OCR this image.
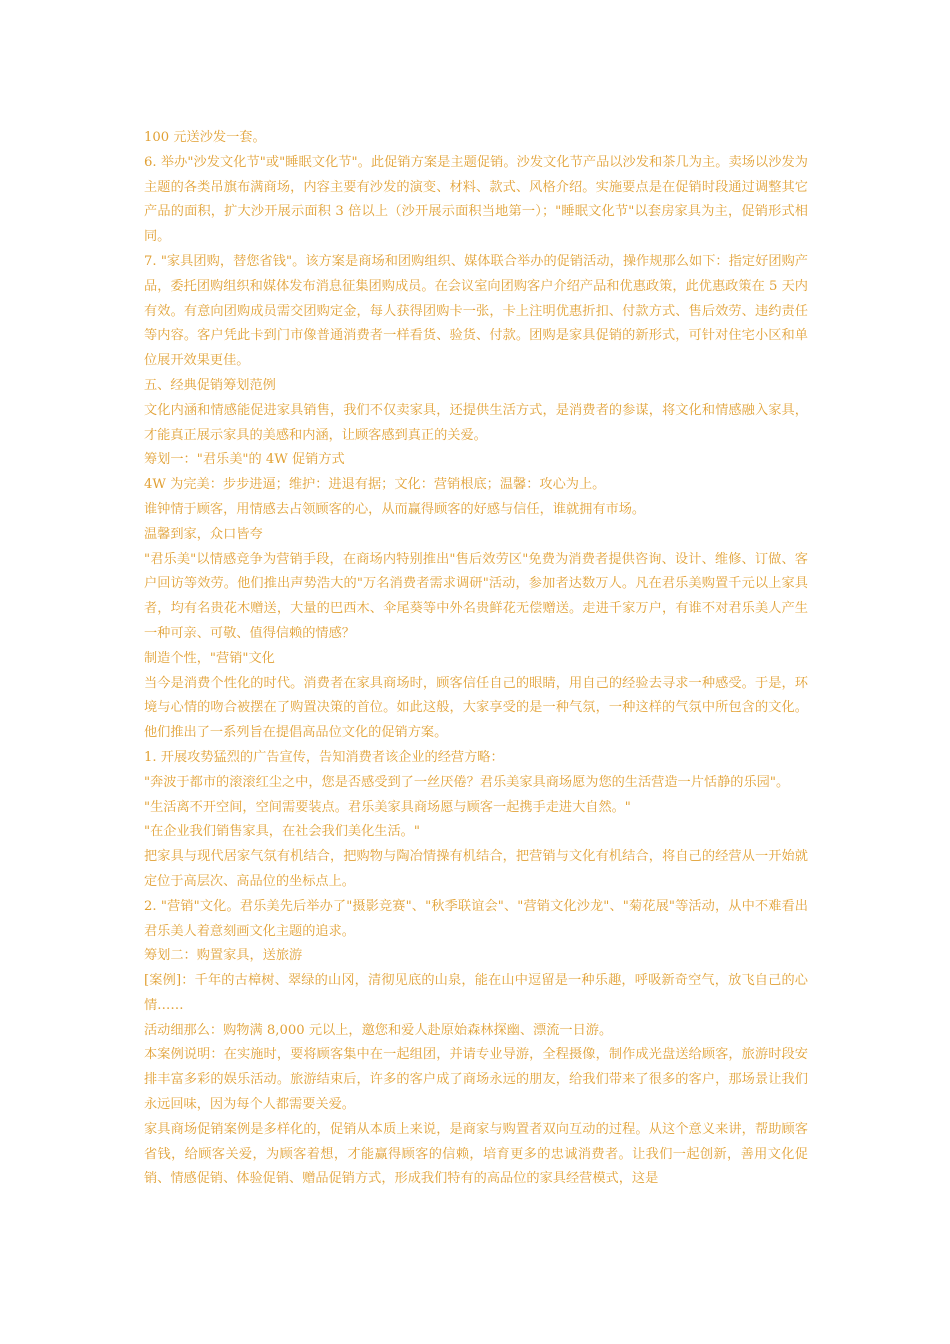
100 元送沙发一套。

6. 举办"沙发文化节"或"睡眠文化节"。此促销方案是主题促销。沙发文化节产品以沙发和茶几为主。卖场以沙发为主题的各类吊旗布满商场，内容主要有沙发的演变、材料、款式、风格介绍。实施要点是在促销时段通过调整其它产品的面积，扩大沙开展示面积 3 倍以上（沙开展示面积当地第一）；"睡眠文化节"以套房家具为主，促销形式相同。

7. "家具团购，替您省钱"。该方案是商场和团购组织、媒体联合举办的促销活动，操作规那么如下：指定好团购产品，委托团购组织和媒体发布消息征集团购成员。在会议室向团购客户介绍产品和优惠政策，此优惠政策在 5 天内有效。有意向团购成员需交团购定金，每人获得团购卡一张，卡上注明优惠折扣、付款方式、售后效劳、违约责任等内容。客户凭此卡到门市像普通消费者一样看货、验货、付款。团购是家具促销的新形式，可针对住宅小区和单位展开效果更佳。

五、经典促销筹划范例

文化内涵和情感能促进家具销售，我们不仅卖家具，还提供生活方式，是消费者的参谋，将文化和情感融入家具，才能真正展示家具的美感和内涵，让顾客感到真正的关爱。

筹划一："君乐美"的 4W 促销方式

4W 为完美：步步进逼；维护：进退有据；文化：营销根底；温馨：攻心为上。

谁钟情于顾客，用情感去占领顾客的心，从而赢得顾客的好感与信任，谁就拥有市场。

温馨到家，众口皆夸

"君乐美"以情感竞争为营销手段，在商场内特别推出"售后效劳区"免费为消费者提供咨询、设计、维修、订做、客户回访等效劳。他们推出声势浩大的"万名消费者需求调研"活动，参加者达数万人。凡在君乐美购置千元以上家具者，均有名贵花木赠送，大量的巴西木、伞尾葵等中外名贵鲜花无偿赠送。走进千家万户，有谁不对君乐美人产生一种可亲、可敬、值得信赖的情感？

制造个性，"营销"文化

当今是消费个性化的时代。消费者在家具商场时，顾客信任自己的眼睛，用自己的经验去寻求一种感受。于是，环境与心情的吻合被摆在了购置决策的首位。如此这般，大家享受的是一种气氛，一种这样的气氛中所包含的文化。他们推出了一系列旨在提倡高品位文化的促销方案。

1. 开展攻势猛烈的广告宣传，告知消费者该企业的经营方略：

"奔波于都市的滚滚红尘之中，您是否感受到了一丝厌倦？君乐美家具商场愿为您的生活营造一片恬静的乐园"。

"生活离不开空间，空间需要装点。君乐美家具商场愿与顾客一起携手走进大自然。"

"在企业我们销售家具，在社会我们美化生活。"

把家具与现代居家气氛有机结合，把购物与陶冶情操有机结合，把营销与文化有机结合，将自己的经营从一开始就定位于高层次、高品位的坐标点上。

2. "营销"文化。君乐美先后举办了"摄影竞赛"、"秋季联谊会"、"营销文化沙龙"、"菊花展"等活动，从中不难看出君乐美人着意刻画文化主题的追求。

筹划二：购置家具，送旅游

[案例]：千年的古樟树、翠绿的山冈，清彻见底的山泉，能在山中逗留是一种乐趣，呼吸新奇空气，放飞自己的心情……

活动细那么：购物满 8,000 元以上，邀您和爱人赴原始森林探幽、漂流一日游。

本案例说明：在实施时，要将顾客集中在一起组团，并请专业导游，全程摄像，制作成光盘送给顾客，旅游时段安排丰富多彩的娱乐活动。旅游结束后，许多的客户成了商场永远的朋友，给我们带来了很多的客户，那场景让我们永远回味，因为每个人都需要关爱。

家具商场促销案例是多样化的，促销从本质上来说，是商家与购置者双向互动的过程。从这个意义来讲，帮助顾客省钱，给顾客关爱，为顾客着想，才能赢得顾客的信赖，培育更多的忠诚消费者。让我们一起创新，善用文化促销、情感促销、体验促销、赠品促销方式，形成我们特有的高品位的家具经营模式，这是
